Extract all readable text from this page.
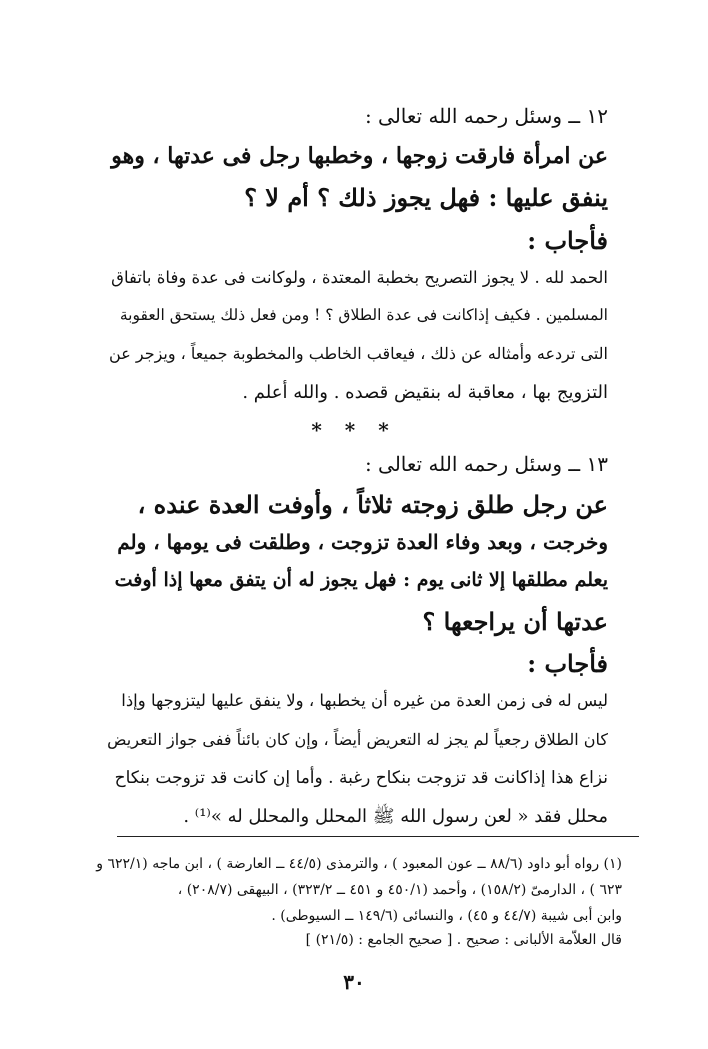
١٢ ــ وسئل رحمه الله تعالى :
عن امرأة فارقت زوجها ، وخطبها رجل فى عدتها ، وهو
ينفق عليها : فهل يجوز ذلك ؟ أم لا ؟
فأجاب :
الحمد لله . لا يجوز التصريح بخطبة المعتدة ، ولوكانت فى عدة وفاة باتفاق
المسلمين . فكيف إذاكانت فى عدة الطلاق ؟ ! ومن فعل ذلك يستحق العقوبة
التى تردعه وأمثاله عن ذلك ، فيعاقب الخاطب والمخطوبة جميعاً ، ويزجر عن
التزويج بها ، معاقبة له بنقيض قصده . والله أعلم .
* * *
١٣ ــ وسئل رحمه الله تعالى :
عن رجل طلق زوجته ثلاثاً ، وأوفت العدة عنده ،
وخرجت ، وبعد وفاء العدة تزوجت ، وطلقت فى يومها ، ولم
يعلم مطلقها إلا ثانى يوم : فهل يجوز له أن يتفق معها إذا أوفت
عدتها أن يراجعها ؟
فأجاب :
ليس له فى زمن العدة من غيره أن يخطبها ، ولا ينفق عليها ليتزوجها وإذا
كان الطلاق رجعياً لم يجز له التعريض أيضاً ، وإن كان بائناً ففى جواز التعريض
نزاع هذا إذاكانت قد تزوجت بنكاح رغبة . وأما إن كانت قد تزوجت بنكاح
محلل فقد « لعن رسول الله ﷺ المحلل والمحلل له »⁽¹⁾ .
(١) رواه أبو داود (٨٨/٦ ــ عون المعبود ) ، والترمذى (٤٤/٥ ــ العارضة ) ، ابن ماجه (٦٢٢/١ و
٦٢٣ ) ، الدارمىّ (١٥٨/٢) ، وأحمد (٤٥٠/١ و ٤٥١ ــ ٣٢٣/٢) ، البيهقى (٢٠٨/٧) ،
وابن أبى شيبة (٤٤/٧ و ٤٥) ، والنسائى (١٤٩/٦ ــ السيوطى) .
قال العلاّمة الألبانى : صحيح . [ صحيح الجامع : (٢١/٥) ]
٣٠
